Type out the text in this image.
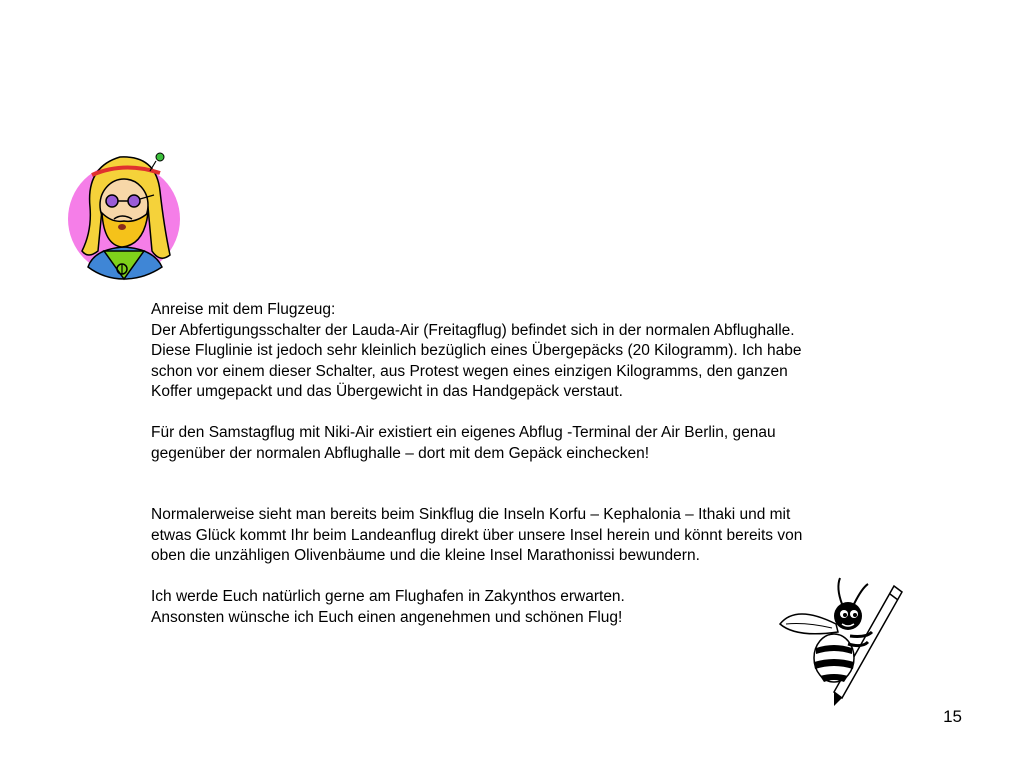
Anreise mit dem Flugzeug:

Der Abfertigungsschalter der Lauda-Air (Freitagflug) befindet sich in der normalen Abflughalle.

Diese Fluglinie ist jedoch sehr kleinlich bezüglich eines Übergepäcks (20 Kilogramm). Ich habe

schon vor einem dieser Schalter, aus Protest wegen eines einzigen Kilogramms, den ganzen

Koffer umgepackt und das Übergewicht in das Handgepäck verstaut.

Für den Samstagflug mit Niki-Air existiert ein eigenes Abflug -Terminal der Air Berlin, genau

gegenüber der normalen Abflughalle – dort mit dem Gepäck einchecken!

Normalerweise sieht man bereits beim Sinkflug die Inseln Korfu – Kephalonia – Ithaki und mit

etwas Glück kommt Ihr beim Landeanflug direkt über unsere Insel herein und könnt bereits von

oben die unzähligen Olivenbäume und die kleine Insel Marathonissi bewundern.

Ich werde Euch natürlich gerne am Flughafen in Zakynthos erwarten.

Ansonsten wünsche ich Euch einen angenehmen und schönen Flug!

15
